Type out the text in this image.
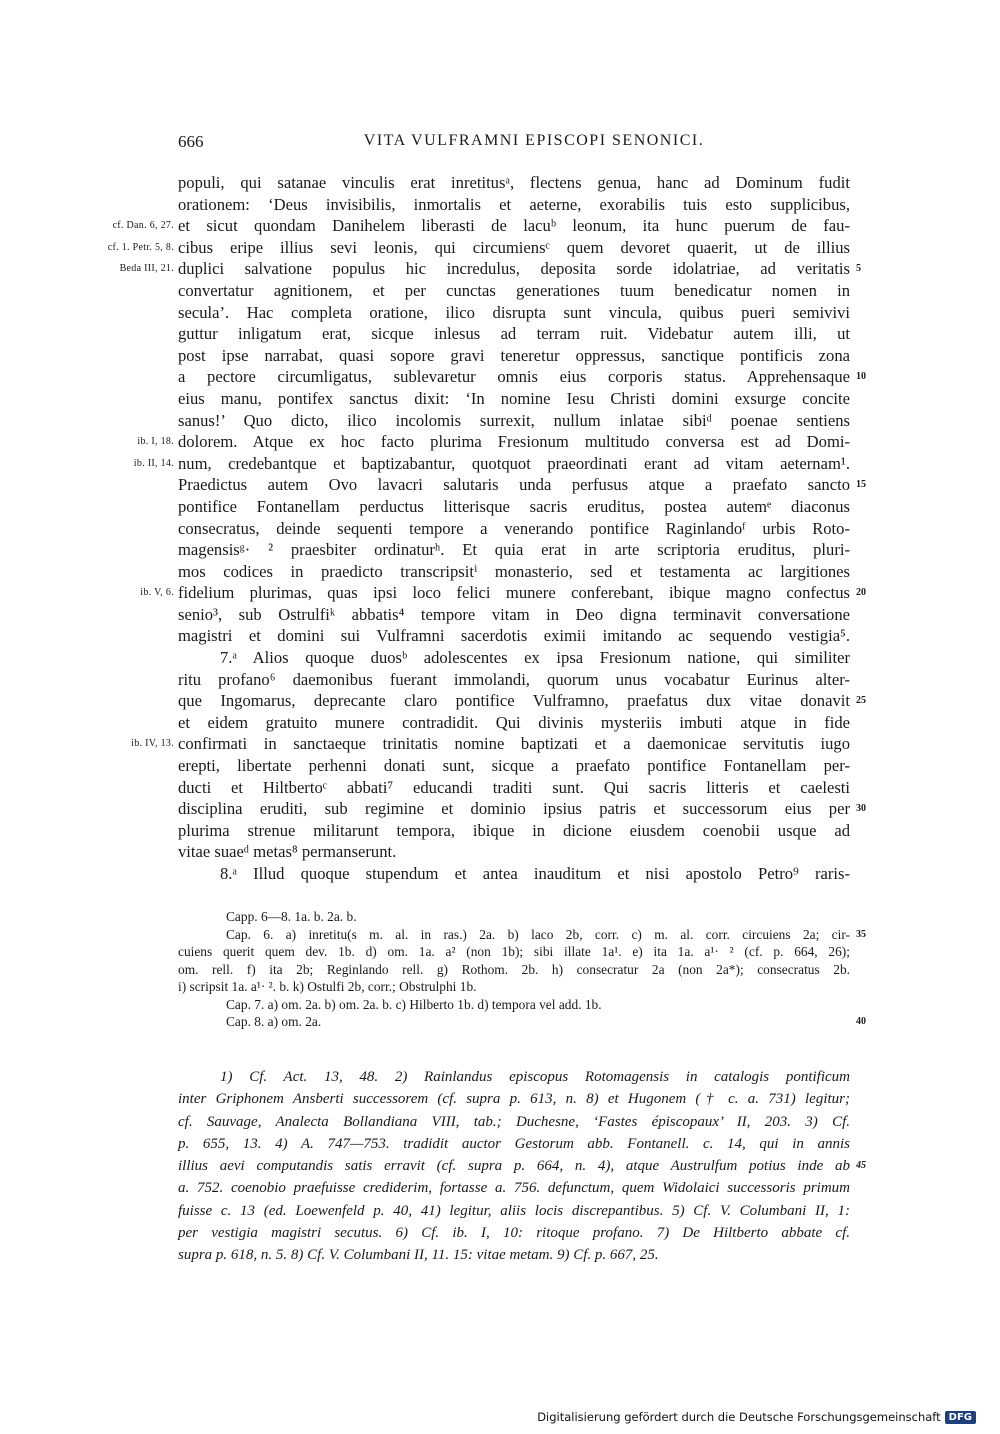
666	VITA VULFRAMNI EPISCOPI SENONICI.
populi, qui satanae vinculis erat inretitusᵃ, flectens genua, hanc ad Dominum fudit
orationem: ‘Deus invisibilis, inmortalis et aeterne, exorabilis tuis esto supplicibus,
et sicut quondam Danihelem liberasti de lacuᵇ leonum, ita hunc puerum de fau-
cf. Dan. 6, 27.
cibus eripe illius sevi leonis, qui circumiensᶜ quem devoret quaerit, ut de illius
cf. 1. Petr. 5, 8.
duplici salvatione populus hic incredulus, deposita sorde idolatriae, ad veritatis
Beda III, 21.	5
convertatur agnitionem, et per cunctas generationes tuum benedicatur nomen in
secula’. Hac completa oratione, ilico disrupta sunt vincula, quibus pueri semivivi
guttur inligatum erat, sicque inlesus ad terram ruit. Videbatur autem illi, ut
post ipse narrabat, quasi sopore gravi teneretur oppressus, sanctique pontificis zona
a pectore circumligatus, sublevaretur omnis eius corporis status. Apprehensaque 10
eius manu, pontifex sanctus dixit: ‘In nomine Iesu Christi domini exsurge concite
sanus!’ Quo dicto, ilico incolomis surrexit, nullum inlatae sibiᵈ poenae sentiens
dolorem. Atque ex hoc facto plurima Fresionum multitudo conversa est ad Domi-
ib. I, 18.
num, credebantque et baptizabantur, quotquot praeordinati erant ad vitam aeternam¹.
ib. II, 14.
Praedictus autem Ovo lavacri salutaris unda perfusus atque a praefato sancto 15
pontifice Fontanellam perductus litterisque sacris eruditus, postea autemᵉ diaconus
consecratus, deinde sequenti tempore a venerando pontifice Raginlandoᶠ urbis Roto-
magensisᵍ· ² praesbiter ordinaturʰ. Et quia erat in arte scriptoria eruditus, pluri-
mos codices in praedicto transcripsitⁱ monasterio, sed et testamenta ac largitiones
fidelium plurimas, quas ipsi loco felici munere conferebant, ibique magno confectus
ib. V, 6.	20
senio³, sub Ostrulfiᵏ abbatis⁴ tempore vitam in Deo digna terminavit conversatione
magistri et domini sui Vulframni sacerdotis eximii imitando ac sequendo vestigia⁵.
7.ᵃ Alios quoque duosᵇ adolescentes ex ipsa Fresionum natione, qui similiter
ritu profano⁶ daemonibus fuerant immolandi, quorum unus vocabatur Eurinus alter-
que Ingomarus, deprecante claro pontifice Vulframno, praefatus dux vitae donavit 25
et eidem gratuito munere contradidit. Qui divinis mysteriis imbuti atque in fide
confirmati in sanctaeque trinitatis nomine baptizati et a daemonicae servitutis iugo
ib. IV, 13.
erepti, libertate perhenni donati sunt, sicque a praefato pontifice Fontanellam per-
ducti et Hiltbertoᶜ abbati⁷ educandi traditi sunt. Qui sacris litteris et caelesti
disciplina eruditi, sub regimine et dominio ipsius patris et successorum eius per 30
plurima strenue militarunt tempora, ibique in dicione eiusdem coenobii usque ad
vitae suaeᵈ metas⁸ permanserunt.
8.ᵃ Illud quoque stupendum et antea inauditum et nisi apostolo Petro⁹ raris-
Capp. 6—8. 1a. b. 2a. b.
Cap. 6. a) inretitu(s m. al. in ras.) 2a. b) laco 2b, corr. c) m. al. corr. circuiens 2a; cir- 35
cuiens querit quem dev. 1b. d) om. 1a. a² (non 1b); sibi illate 1a¹. e) ita 1a. a¹· ² (cf. p. 664, 26);
om. rell. f) ita 2b; Reginlando rell. g) Rothom. 2b. h) consecratur 2a (non 2a*); consecratus 2b.
i) scripsit 1a. a¹· ². b. k) Ostulfi 2b, corr.; Obstrulphi 1b.
Cap. 7. a) om. 2a. b) om. 2a. b. c) Hilberto 1b. d) tempora vel add. 1b.
Cap. 8. a) om. 2a.	40
1) Cf. Act. 13, 48. 2) Rainlandus episcopus Rotomagensis in catalogis pontificum
inter Griphonem Ansberti successorem (cf. supra p. 613, n. 8) et Hugonem († c. a. 731) legitur;
cf. Sauvage, Analecta Bollandiana VIII, tab.; Duchesne, ‘Fastes épiscopaux’ II, 203. 3) Cf.
p. 655, 13. 4) A. 747—753. tradidit auctor Gestorum abb. Fontanell. c. 14, qui in annis
illius aevi computandis satis erravit (cf. supra p. 664, n. 4), atque Austrulfum potius inde ab 45
a. 752. coenobio praefuisse crediderim, fortasse a. 756. defunctum, quem Widolaici successoris primum
fuisse c. 13 (ed. Loewenfeld p. 40, 41) legitur, aliis locis discrepantibus. 5) Cf. V. Columbani II, 1:
per vestigia magistri secutus. 6) Cf. ib. I, 10: ritoque profano. 7) De Hiltberto abbate cf.
supra p. 618, n. 5. 8) Cf. V. Columbani II, 11. 15: vitae metam. 9) Cf. p. 667, 25.
Digitalisierung gefördert durch die Deutsche Forschungsgemeinschaft DFG
